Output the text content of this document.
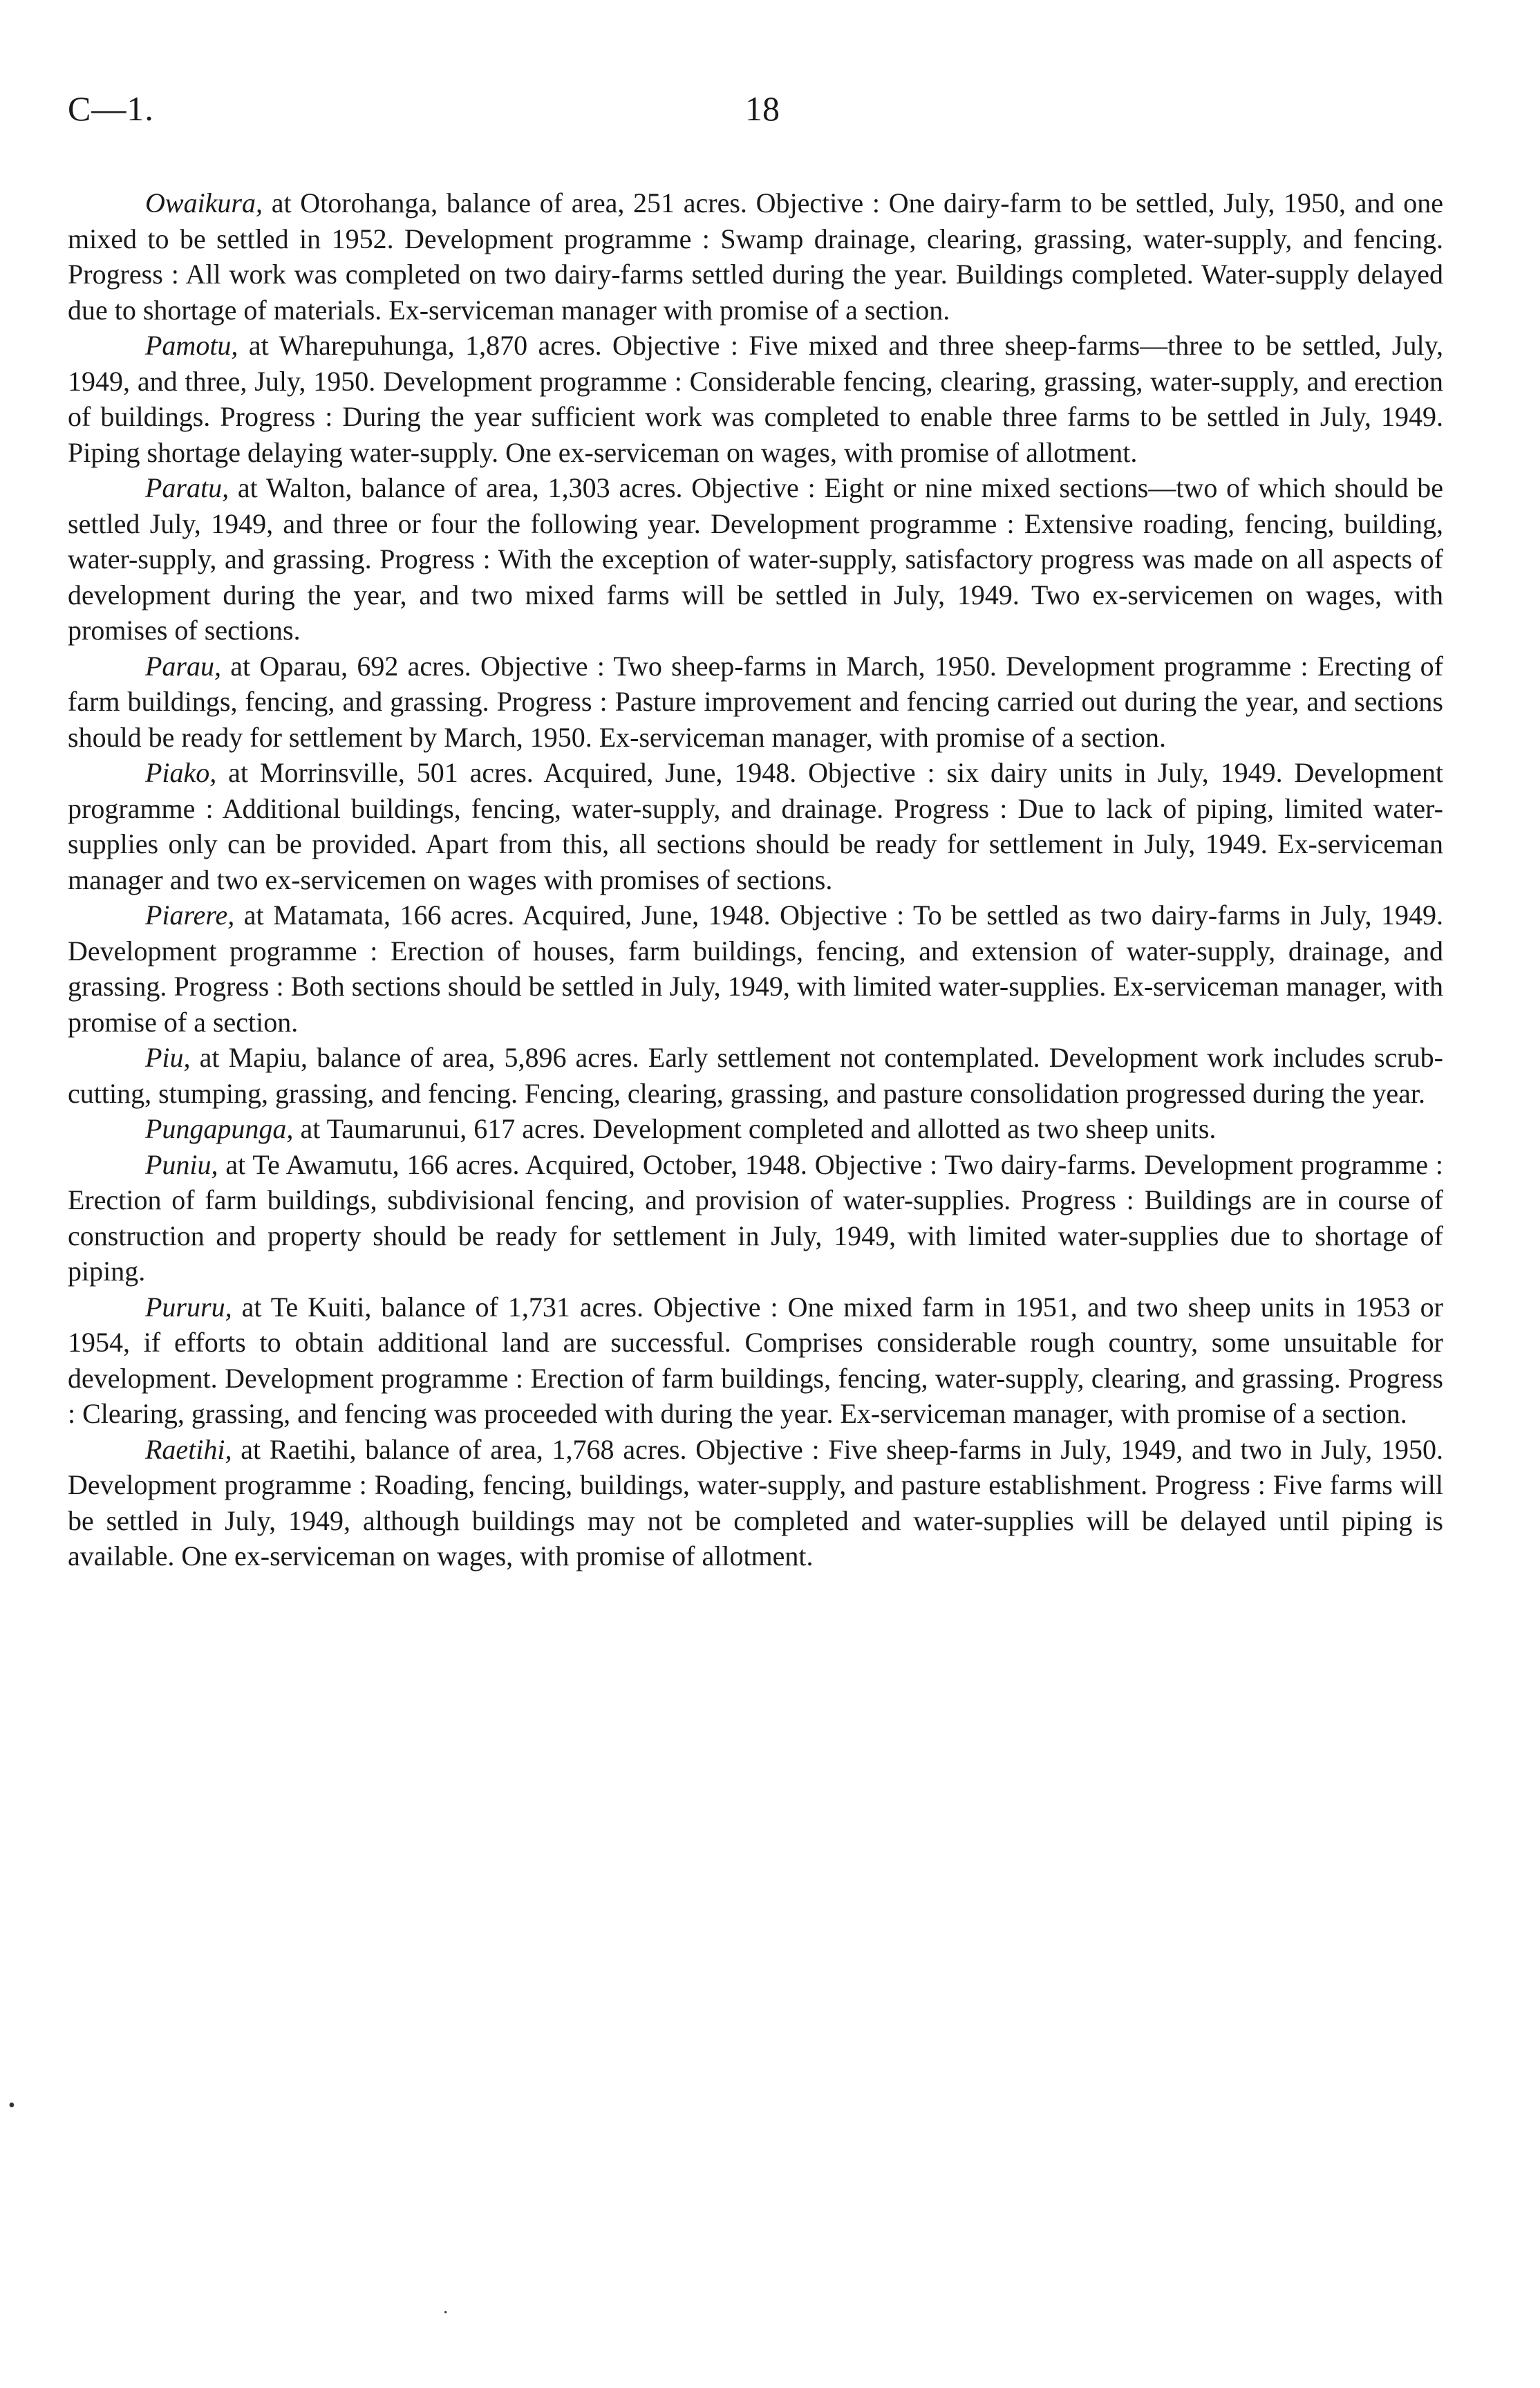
C—1.	18

Owaikura, at Otorohanga, balance of area, 251 acres. Objective : One dairy-farm to be settled, July, 1950, and one mixed to be settled in 1952. Development programme : Swamp drainage, clearing, grassing, water-supply, and fencing. Progress : All work was completed on two dairy-farms settled during the year. Buildings completed. Water-supply delayed due to shortage of materials. Ex-serviceman manager with promise of a section.

Pamotu, at Wharepuhunga, 1,870 acres. Objective : Five mixed and three sheep-farms—three to be settled, July, 1949, and three, July, 1950. Development programme : Considerable fencing, clearing, grassing, water-supply, and erection of buildings. Progress : During the year sufficient work was completed to enable three farms to be settled in July, 1949. Piping shortage delaying water-supply. One ex-serviceman on wages, with promise of allotment.

Paratu, at Walton, balance of area, 1,303 acres. Objective : Eight or nine mixed sections—two of which should be settled July, 1949, and three or four the following year. Development programme : Extensive roading, fencing, building, water-supply, and grassing. Progress : With the exception of water-supply, satisfactory progress was made on all aspects of development during the year, and two mixed farms will be settled in July, 1949. Two ex-servicemen on wages, with promises of sections.

Parau, at Oparau, 692 acres. Objective : Two sheep-farms in March, 1950. Development programme : Erecting of farm buildings, fencing, and grassing. Progress : Pasture improvement and fencing carried out during the year, and sections should be ready for settlement by March, 1950. Ex-serviceman manager, with promise of a section.

Piako, at Morrinsville, 501 acres. Acquired, June, 1948. Objective : six dairy units in July, 1949. Development programme : Additional buildings, fencing, water-supply, and drainage. Progress : Due to lack of piping, limited water-supplies only can be provided. Apart from this, all sections should be ready for settlement in July, 1949. Ex-serviceman manager and two ex-servicemen on wages with promises of sections.

Piarere, at Matamata, 166 acres. Acquired, June, 1948. Objective : To be settled as two dairy-farms in July, 1949. Development programme : Erection of houses, farm buildings, fencing, and extension of water-supply, drainage, and grassing. Progress : Both sections should be settled in July, 1949, with limited water-supplies. Ex-serviceman manager, with promise of a section.

Piu, at Mapiu, balance of area, 5,896 acres. Early settlement not contemplated. Development work includes scrub-cutting, stumping, grassing, and fencing. Fencing, clearing, grassing, and pasture consolidation progressed during the year.

Pungapunga, at Taumarunui, 617 acres. Development completed and allotted as two sheep units.

Puniu, at Te Awamutu, 166 acres. Acquired, October, 1948. Objective : Two dairy-farms. Development programme : Erection of farm buildings, subdivisional fencing, and provision of water-supplies. Progress : Buildings are in course of construction and property should be ready for settlement in July, 1949, with limited water-supplies due to shortage of piping.

Pururu, at Te Kuiti, balance of 1,731 acres. Objective : One mixed farm in 1951, and two sheep units in 1953 or 1954, if efforts to obtain additional land are successful. Comprises considerable rough country, some unsuitable for development. Development programme : Erection of farm buildings, fencing, water-supply, clearing, and grassing. Progress : Clearing, grassing, and fencing was proceeded with during the year. Ex-serviceman manager, with promise of a section.

Raetihi, at Raetihi, balance of area, 1,768 acres. Objective : Five sheep-farms in July, 1949, and two in July, 1950. Development programme : Roading, fencing, buildings, water-supply, and pasture establishment. Progress : Five farms will be settled in July, 1949, although buildings may not be completed and water-supplies will be delayed until piping is available. One ex-serviceman on wages, with promise of allotment.

•
·
